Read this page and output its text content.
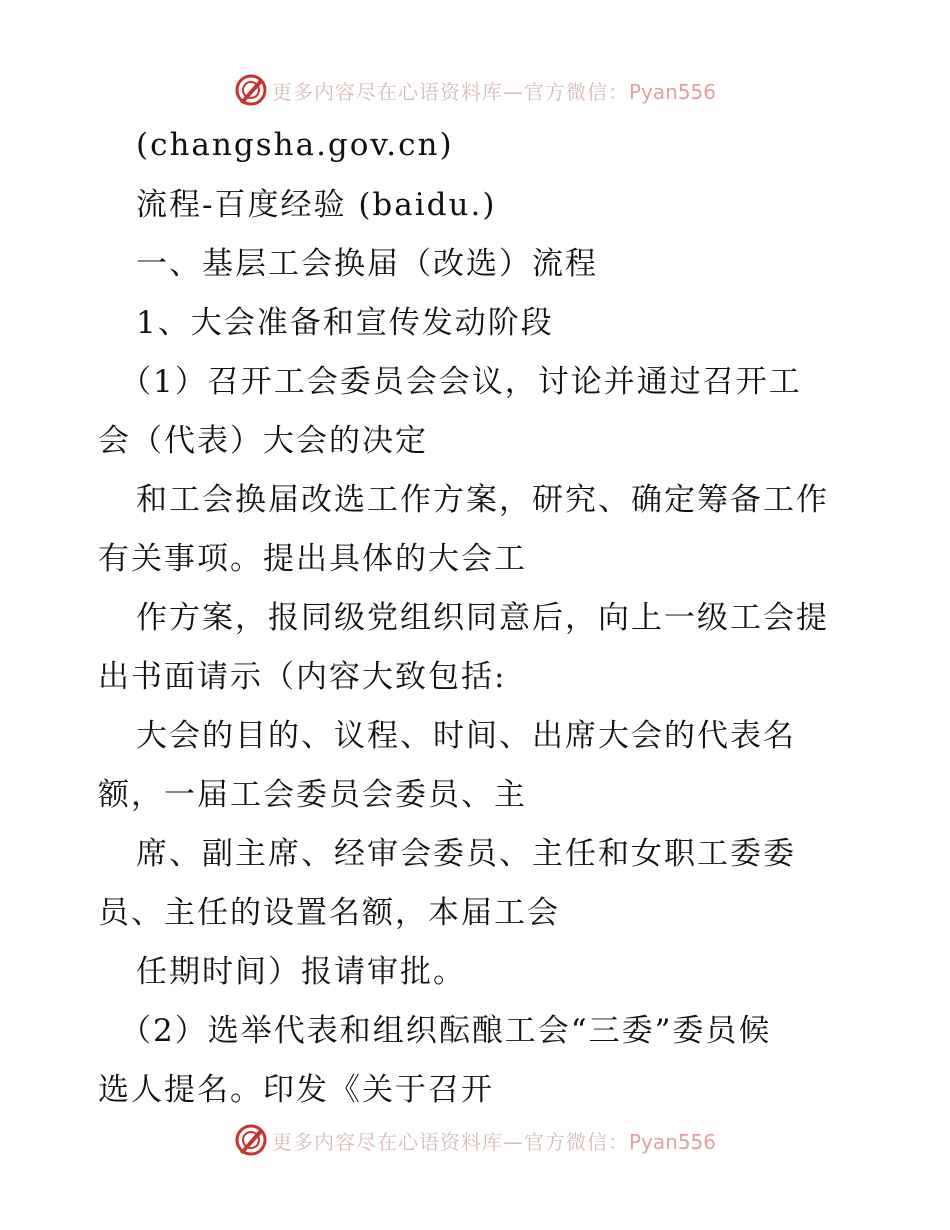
更多内容尽在心语资料库—官方微信：Pyan556
(changsha.gov.cn)
流程-百度经验 (baidu.)
一、基层工会换届（改选）流程
1、大会准备和宣传发动阶段
（1）召开工会委员会会议，讨论并通过召开工
会（代表）大会的决定
和工会换届改选工作方案，研究、确定筹备工作
有关事项。提出具体的大会工
作方案，报同级党组织同意后，向上一级工会提
出书面请示（内容大致包括:
大会的目的、议程、时间、出席大会的代表名
额，一届工会委员会委员、主
席、副主席、经审会委员、主任和女职工委委
员、主任的设置名额，本届工会
任期时间）报请审批。
（2）选举代表和组织酝酿工会“三委”委员候
选人提名。印发《关于召开
更多内容尽在心语资料库—官方微信：Pyan556
